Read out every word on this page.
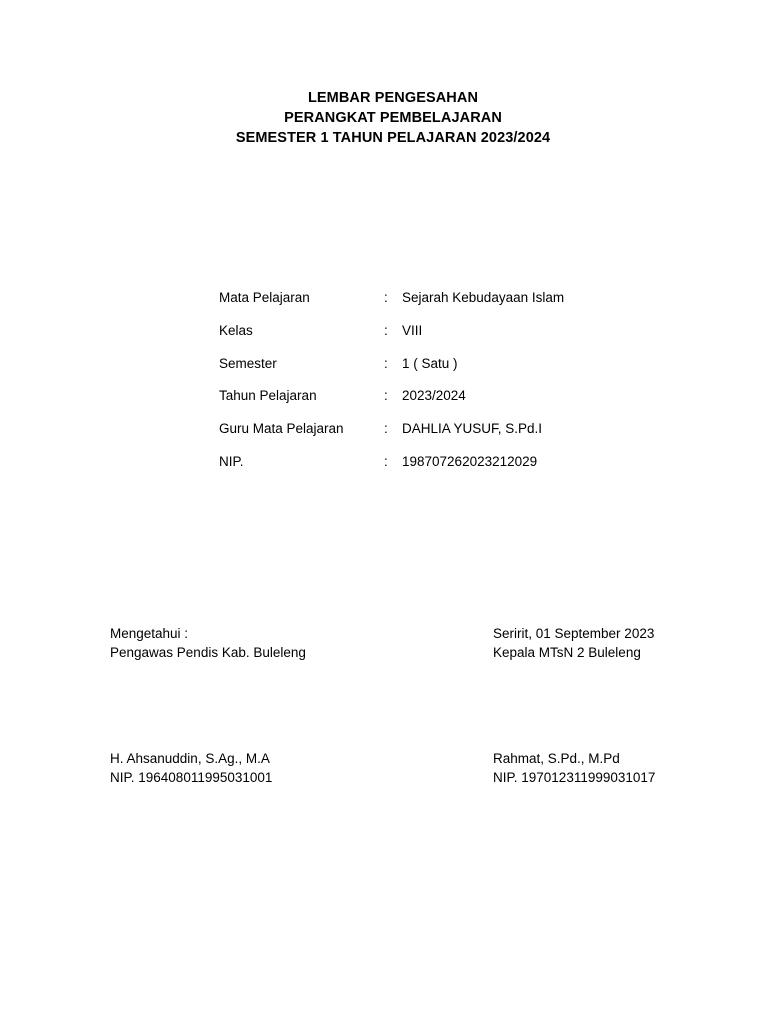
LEMBAR PENGESAHAN
PERANGKAT PEMBELAJARAN
SEMESTER 1 TAHUN PELAJARAN 2023/2024
Mata Pelajaran	: Sejarah Kebudayaan Islam
Kelas	: VIII
Semester	: 1 ( Satu )
Tahun Pelajaran	: 2023/2024
Guru Mata Pelajaran	: DAHLIA YUSUF, S.Pd.I
NIP.	: 198707262023212029
Mengetahui :
Pengawas Pendis Kab. Buleleng
Seririt, 01 September 2023
Kepala MTsN 2 Buleleng
H. Ahsanuddin, S.Ag., M.A
NIP. 196408011995031001
Rahmat, S.Pd., M.Pd
NIP. 197012311999031017
